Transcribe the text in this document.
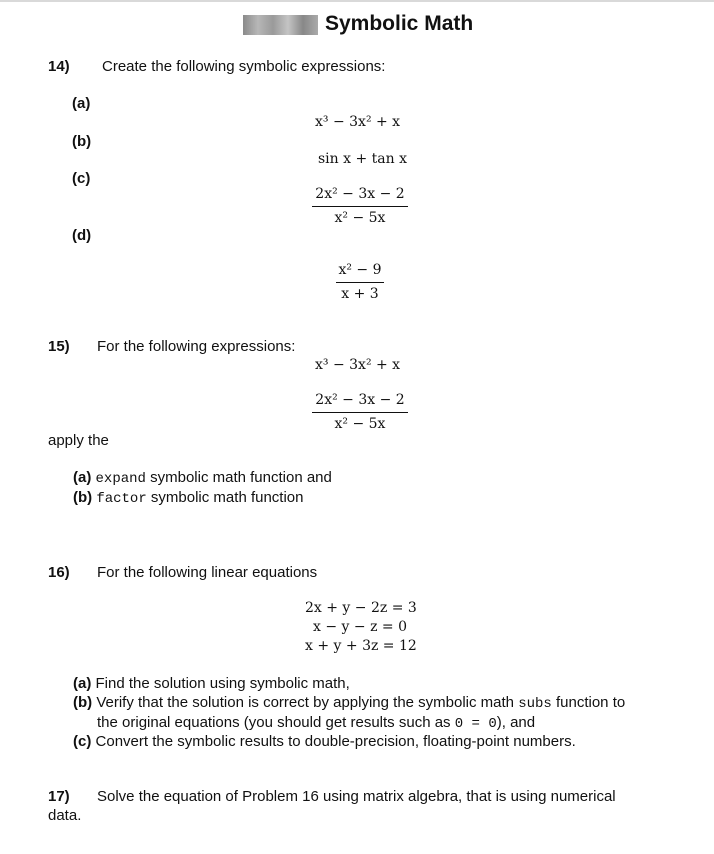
Symbolic Math
14) Create the following symbolic expressions:
(a)
(b)
(c)
(d)
x³ − 3x² + x
sin x + tan x
2x² − 3x − 2
x² − 5x
x² − 9
x + 3
15) For the following expressions:
x³ − 3x² + x
2x² − 3x − 2
x² − 5x
apply the
(a) expand symbolic math function and
(b) factor symbolic math function
16) For the following linear equations
2x + y − 2z = 3
x − y − z = 0
x + y + 3z = 12
(a) Find the solution using symbolic math,
(b) Verify that the solution is correct by applying the symbolic math subs function to
the original equations (you should get results such as 0 = 0), and
(c) Convert the symbolic results to double-precision, floating-point numbers.
17) Solve the equation of Problem 16 using matrix algebra, that is using numerical
data.
